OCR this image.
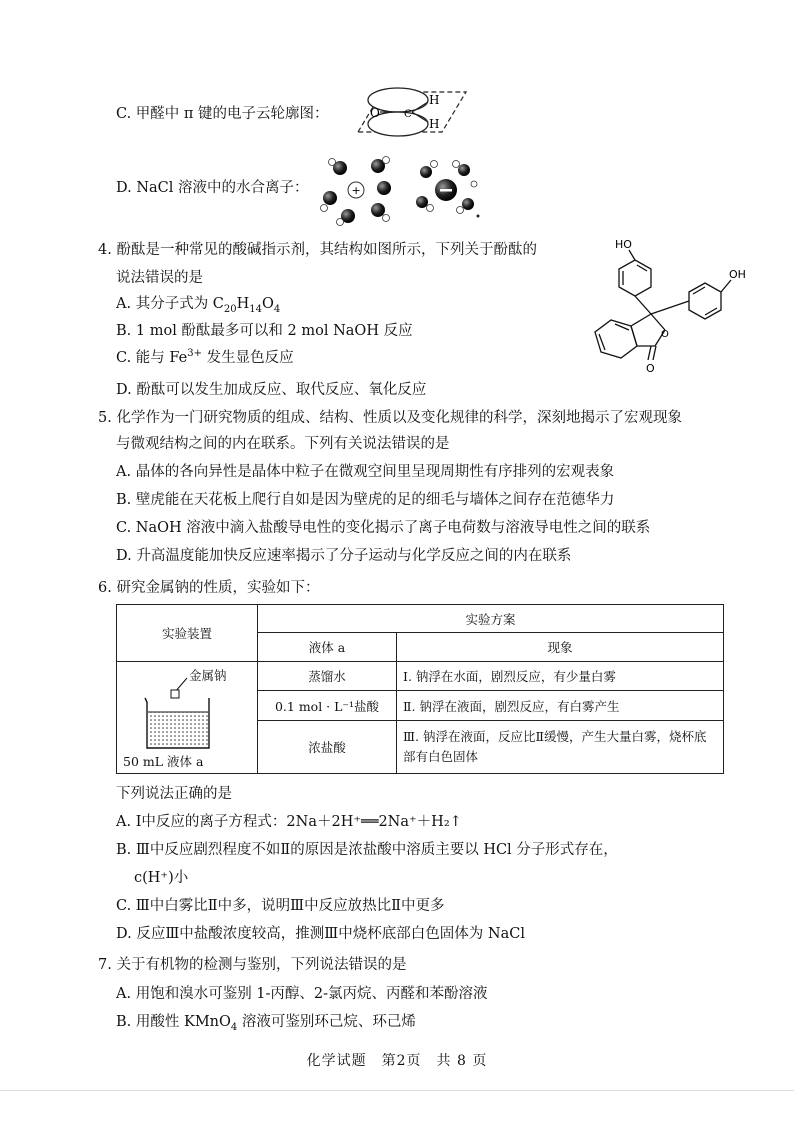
C. 甲醛中 π 键的电子云轮廓图：	O C
H
H
D. NaCl 溶液中的水合离子：	+
4. 酚酞是一种常见的酸碱指示剂，其结构如图所示，下列关于酚酞的
说法错误的是
A. 其分子式为 $C_{20}H_{14}O_4$
B. 1 mol 酚酞最多可以和 2 mol NaOH 反应
C. 能与 $Fe^{3+}$ 发生显色反应
D. 酚酞可以发生加成反应、取代反应、氧化反应
HO
OH
O
O
5. 化学作为一门研究物质的组成、结构、性质以及变化规律的科学，深刻地揭示了宏观现象
与微观结构之间的内在联系。下列有关说法错误的是
A. 晶体的各向异性是晶体中粒子在微观空间里呈现周期性有序排列的宏观表象
B. 壁虎能在天花板上爬行自如是因为壁虎的足的细毛与墙体之间存在范德华力
C. NaOH 溶液中滴入盐酸导电性的变化揭示了离子电荷数与溶液导电性之间的联系
D. 升高温度能加快反应速率揭示了分子运动与化学反应之间的内在联系
6. 研究金属钠的性质，实验如下：
实验装置	实验方案	
	液体 a	现象

金属钠
50 mL 液体 a	蒸馏水	Ⅰ. 钠浮在水面，剧烈反应，有少量白雾
	0.1 mol · L⁻¹盐酸	Ⅱ. 钠浮在液面，剧烈反应，有白雾产生
	浓盐酸	Ⅲ. 钠浮在液面，反应比Ⅱ缓慢，产生大量白雾，烧杯底部有白色固体
下列说法正确的是
A. Ⅰ中反应的离子方程式：2Na＋2H⁺══2Na⁺＋H₂↑
B. Ⅲ中反应剧烈程度不如Ⅱ的原因是浓盐酸中溶质主要以 HCl 分子形式存在，
c(H⁺)小
C. Ⅲ中白雾比Ⅱ中多，说明Ⅲ中反应放热比Ⅱ中更多
D. 反应Ⅲ中盐酸浓度较高，推测Ⅲ中烧杯底部白色固体为 NaCl
7. 关于有机物的检测与鉴别，下列说法错误的是
A. 用饱和溴水可鉴别 1-丙醇、2-氯丙烷、丙醛和苯酚溶液
B. 用酸性 KMnO$_4$ 溶液可鉴别环己烷、环己烯
化学试题　第2页　共 8 页
